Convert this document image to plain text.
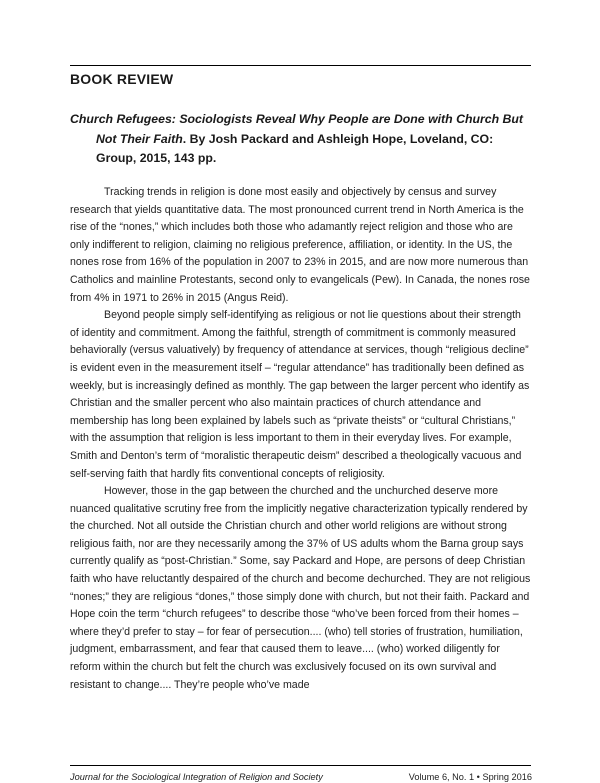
BOOK REVIEW

Church Refugees: Sociologists Reveal Why People are Done with Church But Not Their Faith. By Josh Packard and Ashleigh Hope, Loveland, CO: Group, 2015, 143 pp.

Tracking trends in religion is done most easily and objectively by census and survey research that yields quantitative data. The most pronounced current trend in North America is the rise of the “nones,” which includes both those who adamantly reject religion and those who are only indifferent to religion, claiming no religious preference, affiliation, or identity. In the US, the nones rose from 16% of the population in 2007 to 23% in 2015, and are now more numerous than Catholics and mainline Protestants, second only to evangelicals (Pew). In Canada, the nones rose from 4% in 1971 to 26% in 2015 (Angus Reid).

Beyond people simply self-identifying as religious or not lie questions about their strength of identity and commitment. Among the faithful, strength of commitment is commonly measured behaviorally (versus valuatively) by frequency of attendance at services, though “religious decline” is evident even in the measurement itself – “regular attendance” has traditionally been defined as weekly, but is increasingly defined as monthly. The gap between the larger percent who identify as Christian and the smaller percent who also maintain practices of church attendance and membership has long been explained by labels such as “private theists” or “cultural Christians,” with the assumption that religion is less important to them in their everyday lives. For example, Smith and Denton’s term of “moralistic therapeutic deism” described a theologically vacuous and self-serving faith that hardly fits conventional concepts of religiosity.

However, those in the gap between the churched and the unchurched deserve more nuanced qualitative scrutiny free from the implicitly negative characterization typically rendered by the churched. Not all outside the Christian church and other world religions are without strong religious faith, nor are they necessarily among the 37% of US adults whom the Barna group says currently qualify as “post-Christian.” Some, say Packard and Hope, are persons of deep Christian faith who have reluctantly despaired of the church and become dechurched. They are not religious “nones;” they are religious “dones,” those simply done with church, but not their faith. Packard and Hope coin the term “church refugees” to describe those “who’ve been forced from their homes – where they’d prefer to stay – for fear of persecution.... (who) tell stories of frustration, humiliation, judgment, embarrassment, and fear that caused them to leave.... (who) worked diligently for reform within the church but felt the church was exclusively focused on its own survival and resistant to change.... They’re people who’ve made

Journal for the Sociological Integration of Religion and Society	Volume 6, No. 1 • Spring 2016
